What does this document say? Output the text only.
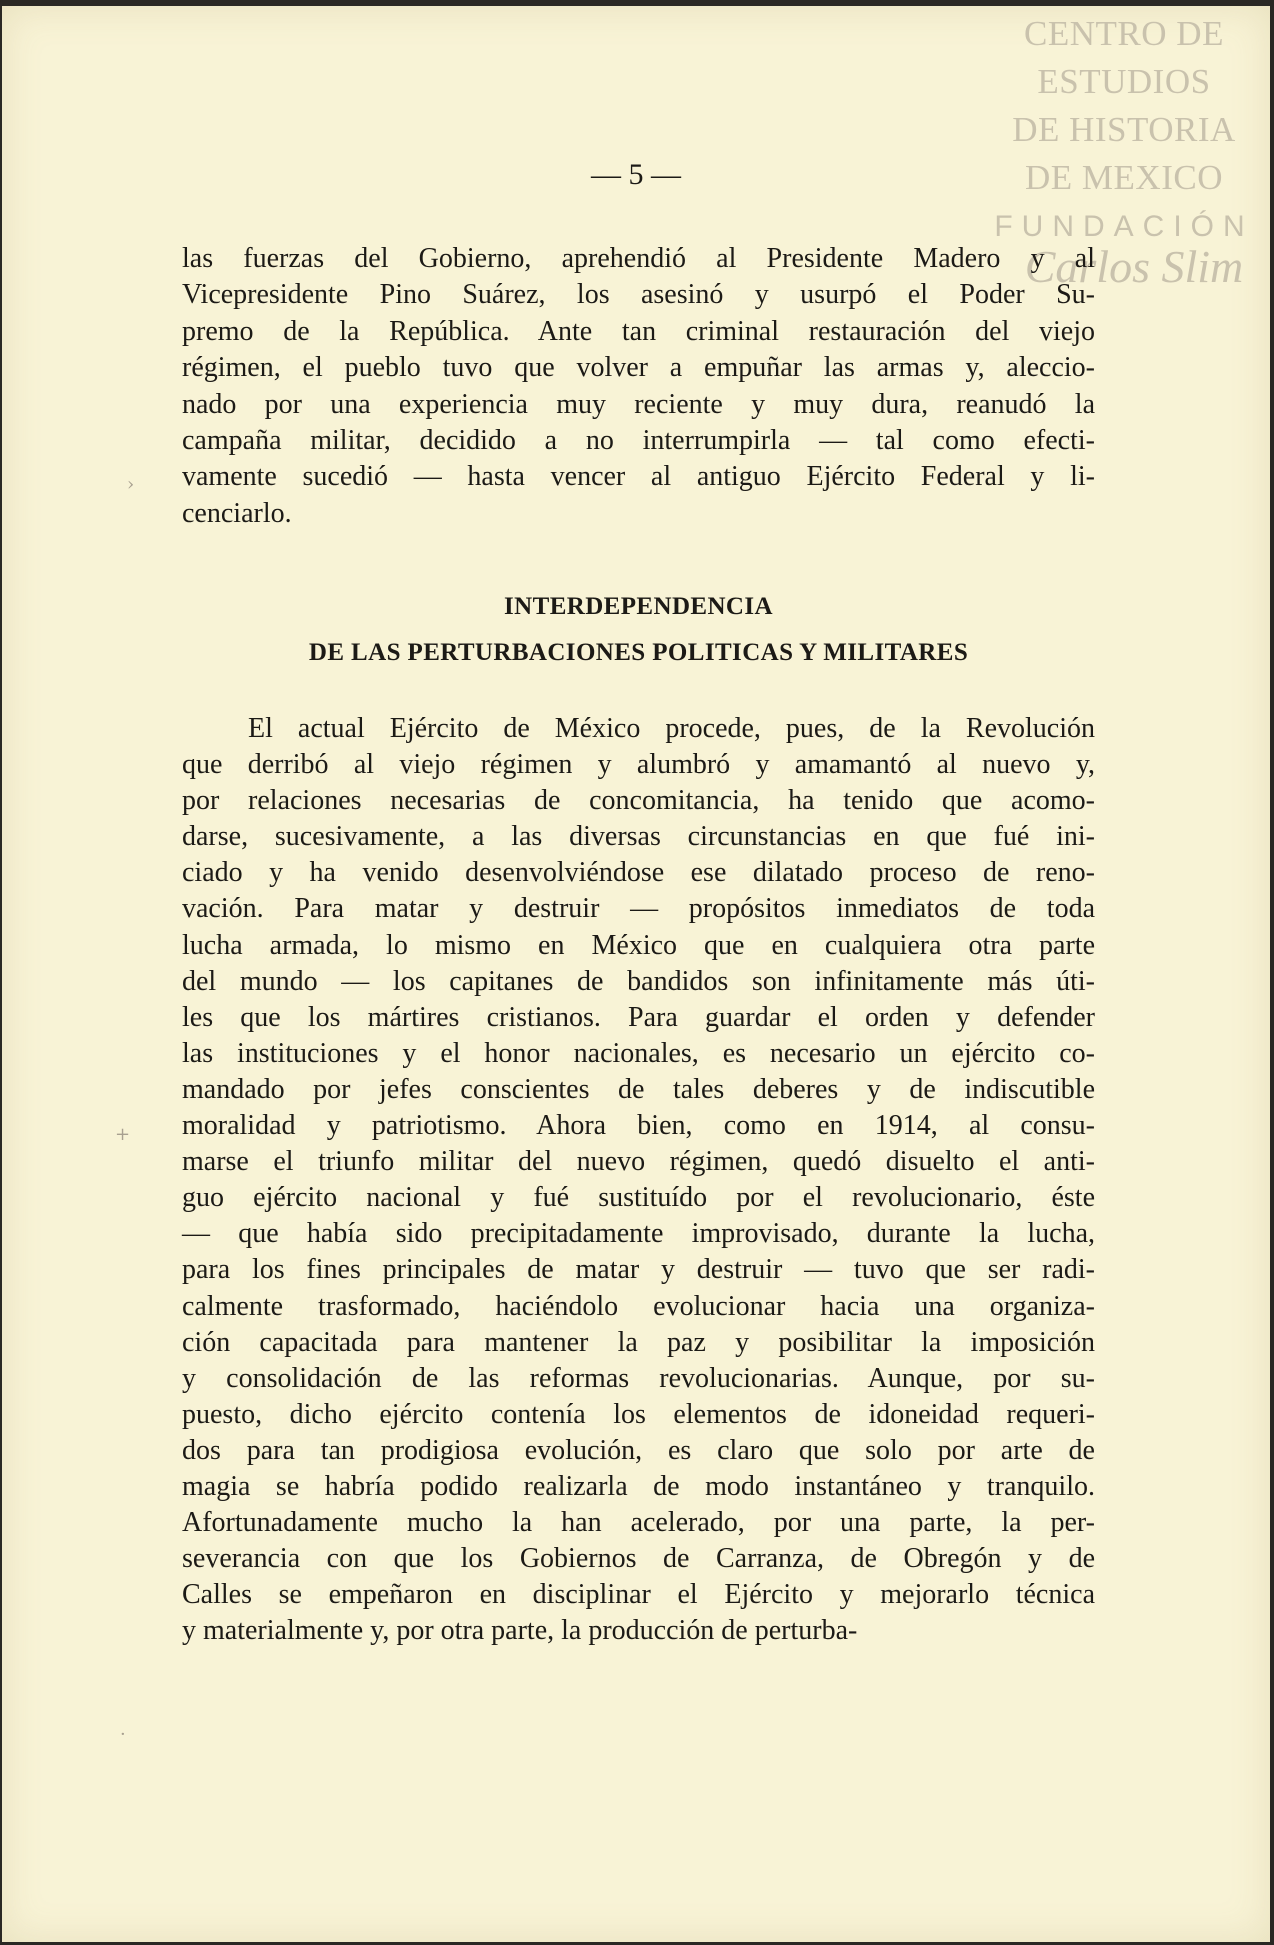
CENTRO DE
ESTUDIOS
DE HISTORIA
DE MEXICO
FUNDACIÓN
Carlos Slim
— 5 —
las fuerzas del Gobierno, aprehendió al Presidente Madero y al
Vicepresidente Pino Suárez, los asesinó y usurpó el Poder Su-
premo de la República. Ante tan criminal restauración del viejo
régimen, el pueblo tuvo que volver a empuñar las armas y, aleccio-
nado por una experiencia muy reciente y muy dura, reanudó la
campaña militar, decidido a no interrumpirla — tal como efecti-
vamente sucedió — hasta vencer al antiguo Ejército Federal y li-
cenciarlo.
INTERDEPENDENCIA
DE LAS PERTURBACIONES POLITICAS Y MILITARES
El actual Ejército de México procede, pues, de la Revolución
que derribó al viejo régimen y alumbró y amamantó al nuevo y,
por relaciones necesarias de concomitancia, ha tenido que acomo-
darse, sucesivamente, a las diversas circunstancias en que fué ini-
ciado y ha venido desenvolviéndose ese dilatado proceso de reno-
vación. Para matar y destruir — propósitos inmediatos de toda
lucha armada, lo mismo en México que en cualquiera otra parte
del mundo — los capitanes de bandidos son infinitamente más úti-
les que los mártires cristianos. Para guardar el orden y defender
las instituciones y el honor nacionales, es necesario un ejército co-
mandado por jefes conscientes de tales deberes y de indiscutible
moralidad y patriotismo. Ahora bien, como en 1914, al consu-
marse el triunfo militar del nuevo régimen, quedó disuelto el anti-
guo ejército nacional y fué sustituído por el revolucionario, éste
— que había sido precipitadamente improvisado, durante la lucha,
para los fines principales de matar y destruir — tuvo que ser radi-
calmente trasformado, haciéndolo evolucionar hacia una organiza-
ción capacitada para mantener la paz y posibilitar la imposición
y consolidación de las reformas revolucionarias. Aunque, por su-
puesto, dicho ejército contenía los elementos de idoneidad requeri-
dos para tan prodigiosa evolución, es claro que solo por arte de
magia se habría podido realizarla de modo instantáneo y tranquilo.
Afortunadamente mucho la han acelerado, por una parte, la per-
severancia con que los Gobiernos de Carranza, de Obregón y de
Calles se empeñaron en disciplinar el Ejército y mejorarlo técnica
y materialmente y, por otra parte, la producción de perturba-
›
+
·
